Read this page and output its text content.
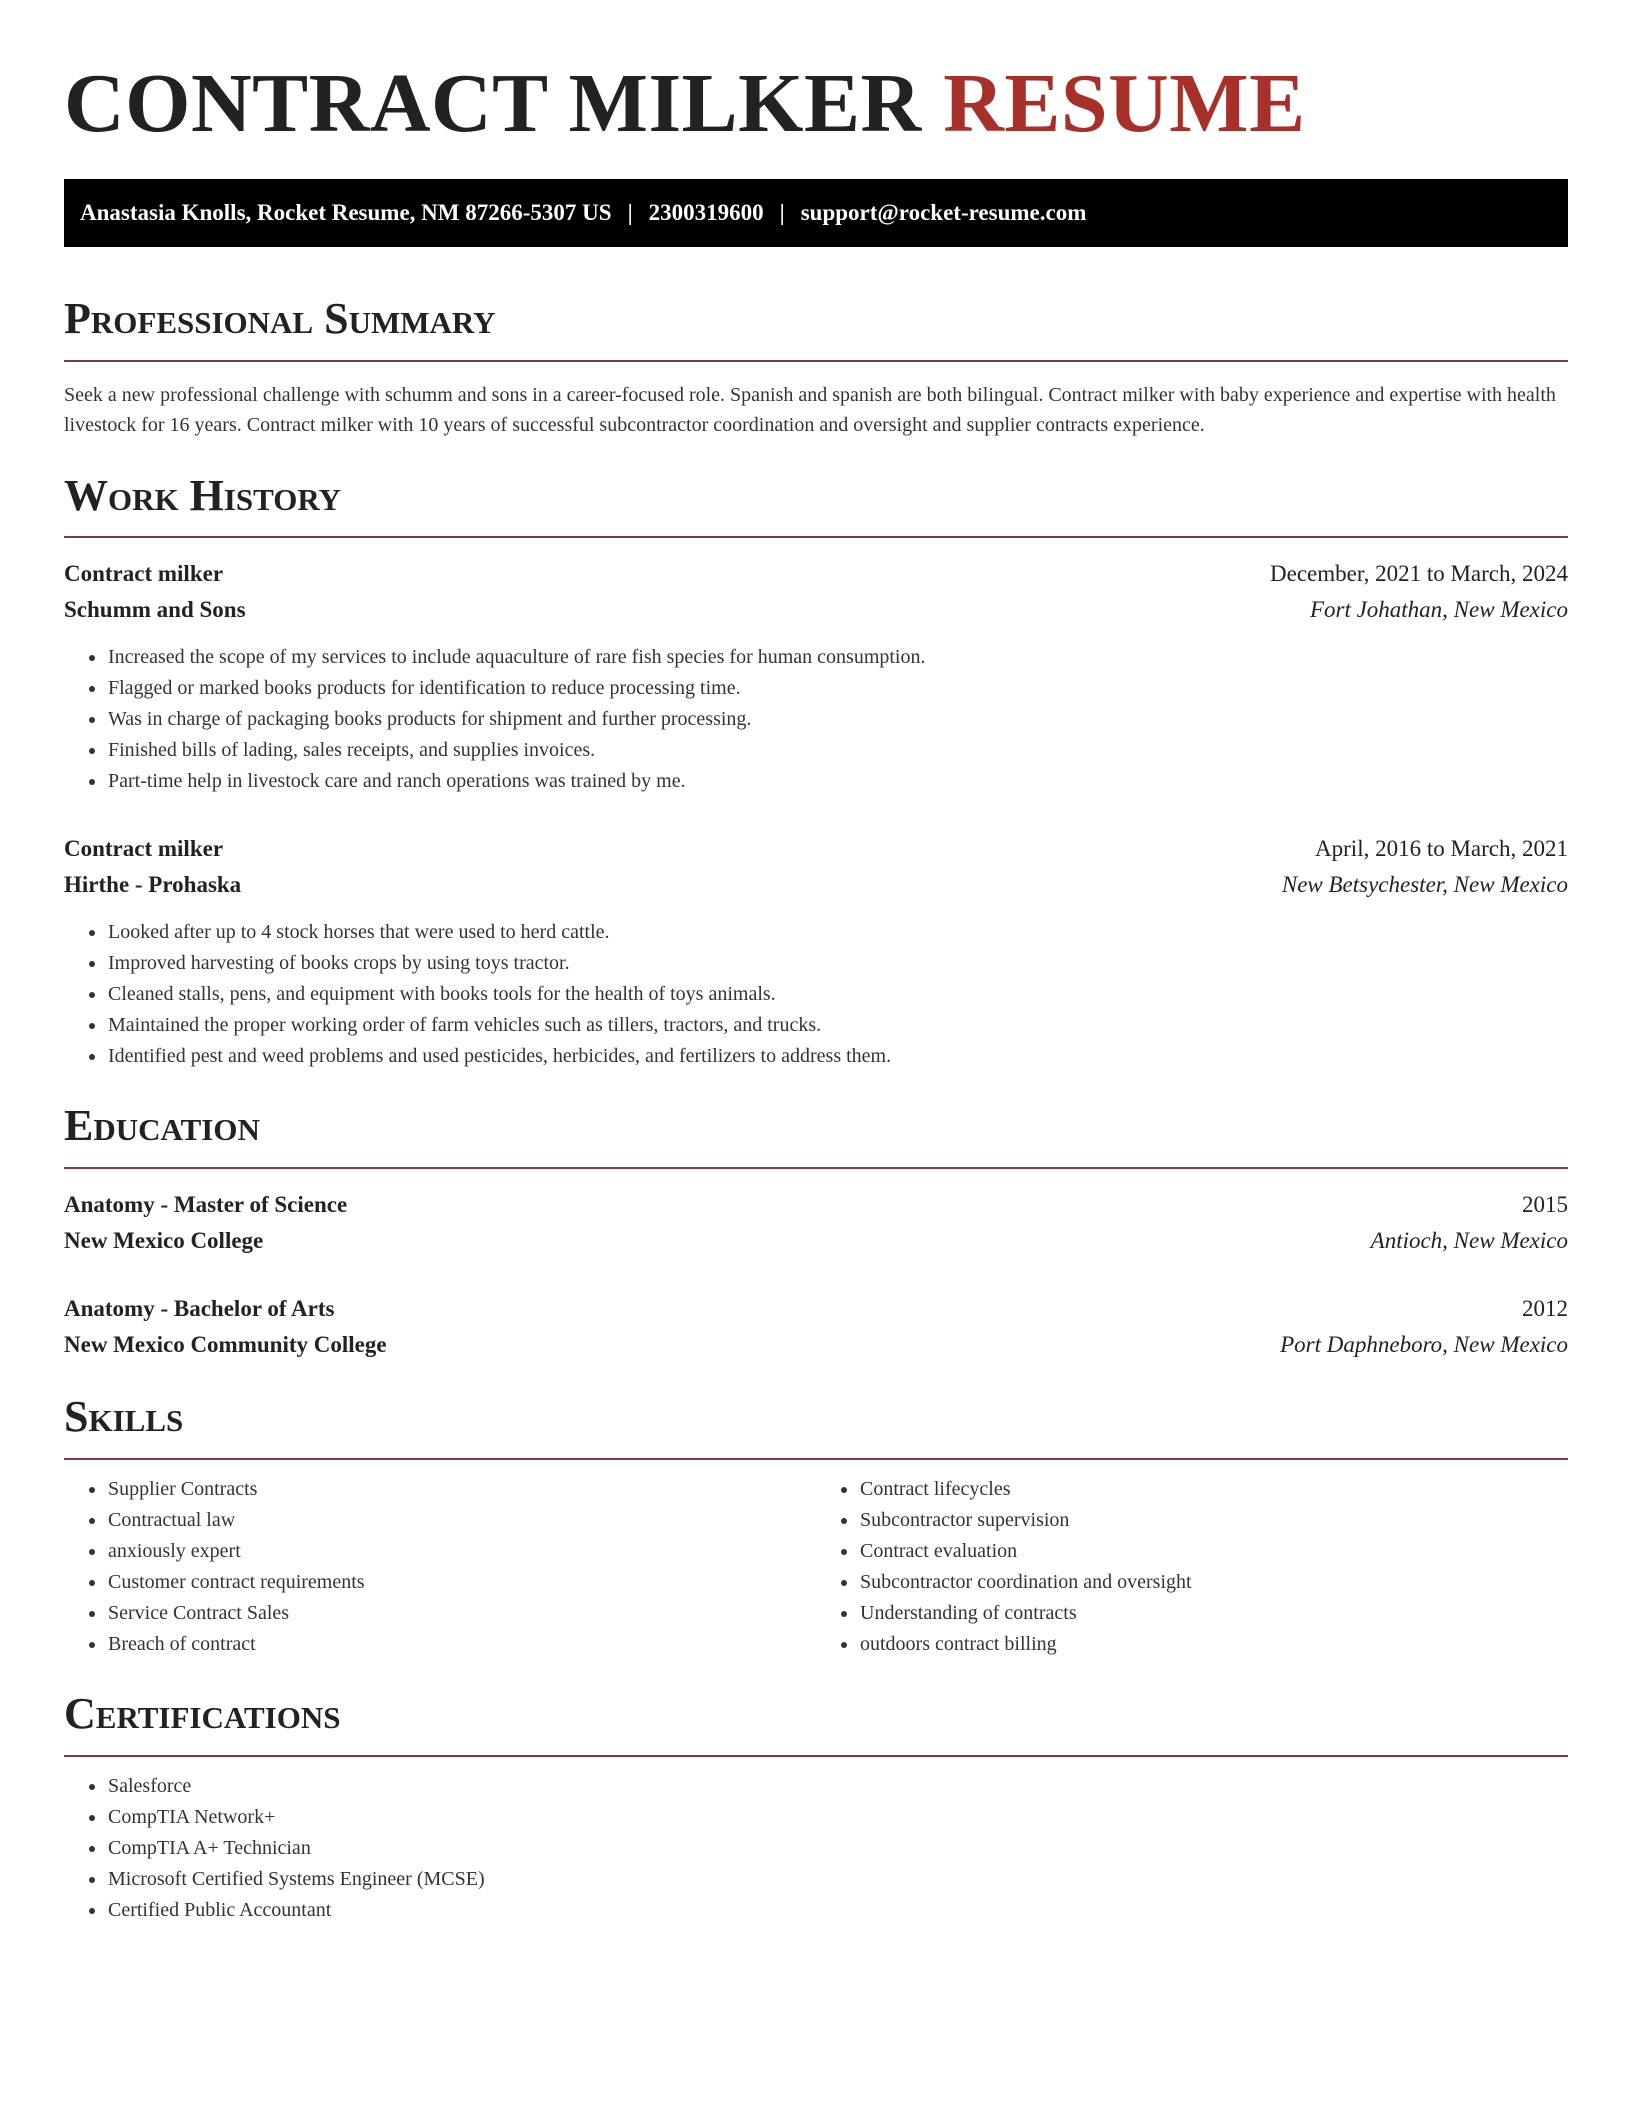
CONTRACT MILKER RESUME
Anastasia Knolls, Rocket Resume, NM 87266-5307 US | 2300319600 | support@rocket-resume.com
Professional Summary

Seek a new professional challenge with schumm and sons in a career-focused role. Spanish and spanish are both bilingual. Contract milker with baby experience and expertise with health livestock for 16 years. Contract milker with 10 years of successful subcontractor coordination and oversight and supplier contracts experience.

Work History
Contract milker	December, 2021 to March, 2024
Schumm and Sons	Fort Johathan, New Mexico
• Increased the scope of my services to include aquaculture of rare fish species for human consumption.
• Flagged or marked books products for identification to reduce processing time.
• Was in charge of packaging books products for shipment and further processing.
• Finished bills of lading, sales receipts, and supplies invoices.
• Part-time help in livestock care and ranch operations was trained by me.
Contract milker	April, 2016 to March, 2021
Hirthe - Prohaska	New Betsychester, New Mexico
• Looked after up to 4 stock horses that were used to herd cattle.
• Improved harvesting of books crops by using toys tractor.
• Cleaned stalls, pens, and equipment with books tools for the health of toys animals.
• Maintained the proper working order of farm vehicles such as tillers, tractors, and trucks.
• Identified pest and weed problems and used pesticides, herbicides, and fertilizers to address them.
Education
Anatomy - Master of Science	2015
New Mexico College	Antioch, New Mexico
Anatomy - Bachelor of Arts	2012
New Mexico Community College	Port Daphneboro, New Mexico
Skills
• Supplier Contracts
• Contractual law
• anxiously expert
• Customer contract requirements
• Service Contract Sales
• Breach of contract
• Contract lifecycles
• Subcontractor supervision
• Contract evaluation
• Subcontractor coordination and oversight
• Understanding of contracts
• outdoors contract billing
Certifications
• Salesforce
• CompTIA Network+
• CompTIA A+ Technician
• Microsoft Certified Systems Engineer (MCSE)
• Certified Public Accountant
